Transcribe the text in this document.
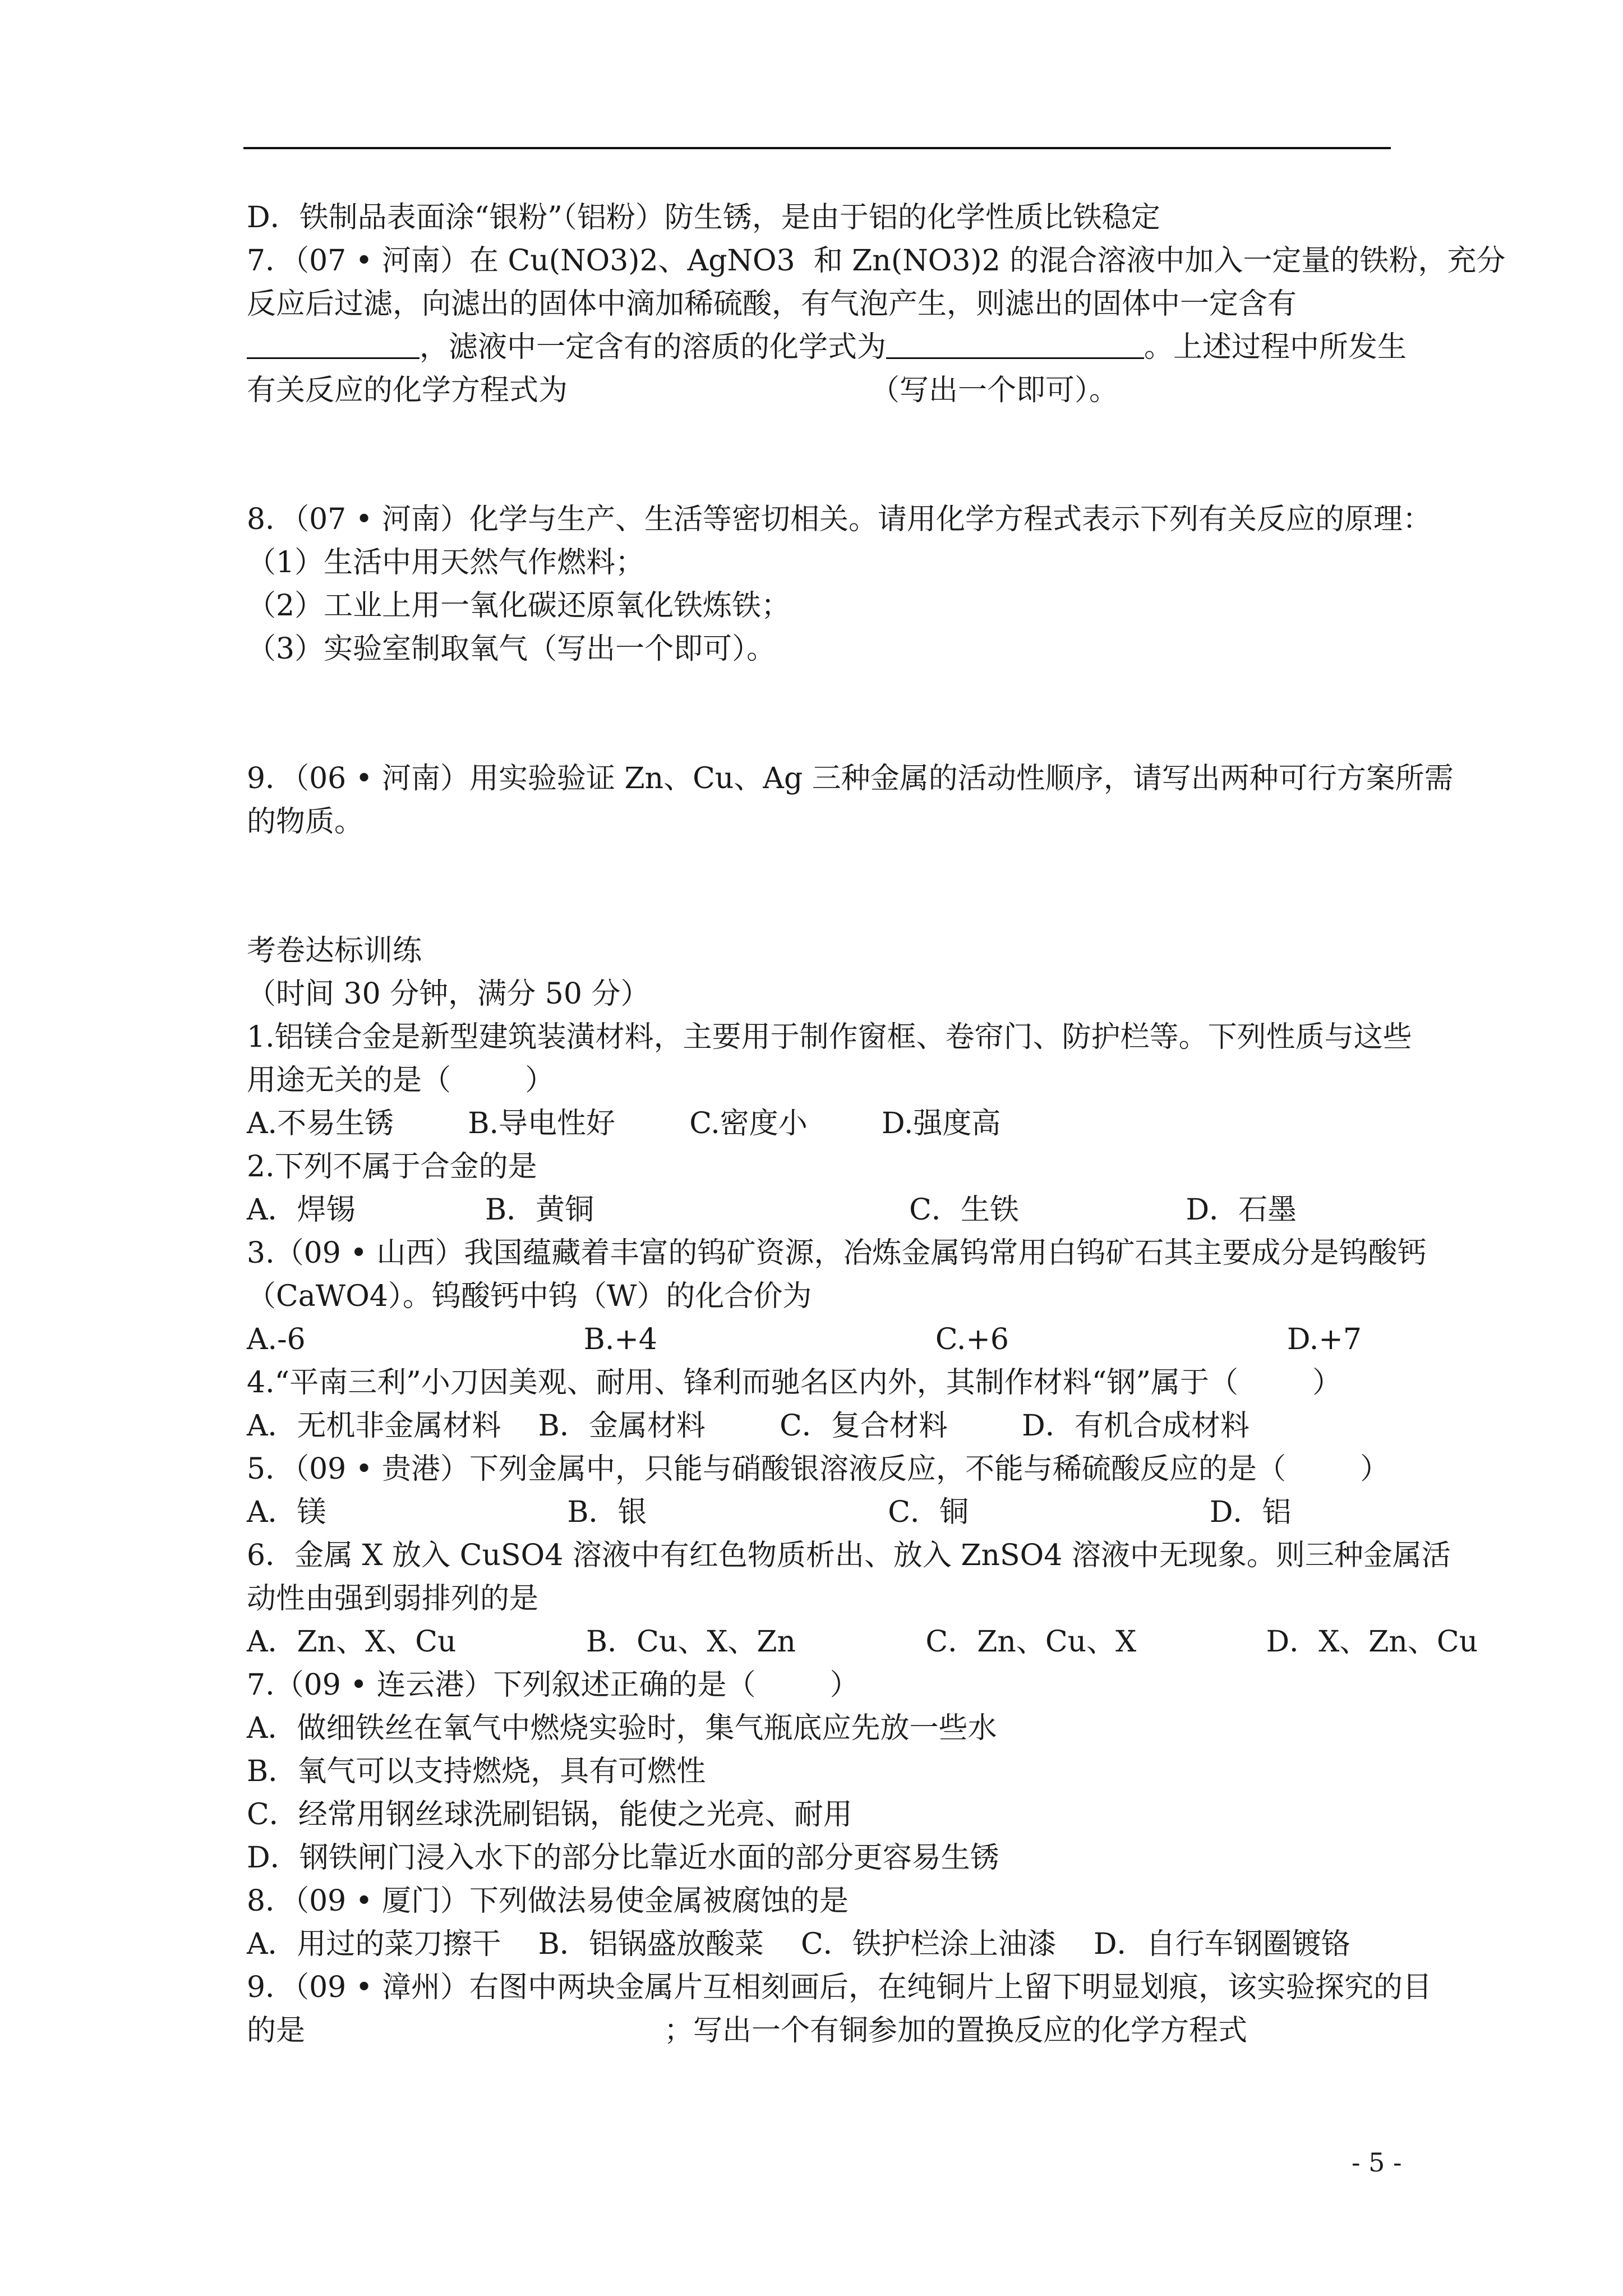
D．铁制品表面涂“银粉”（铝粉）防生锈，是由于铝的化学性质比铁稳定
7．（07 • 河南）在 Cu(NO3)2、AgNO3  和 Zn(NO3)2 的混合溶液中加入一定量的铁粉，充分
反应后过滤，向滤出的固体中滴加稀硫酸，有气泡产生，则滤出的固体中一定含有
，滤液中一定含有的溶质的化学式为	。上述过程中所发生
有关反应的化学方程式为	（写出一个即可）。
8．（07 • 河南）化学与生产、生活等密切相关。请用化学方程式表示下列有关反应的原理：
（1）生活中用天然气作燃料；
（2）工业上用一氧化碳还原氧化铁炼铁；
（3）实验室制取氧气（写出一个即可）。
9．（06 • 河南）用实验验证 Zn、Cu、Ag 三种金属的活动性顺序，请写出两种可行方案所需
的物质。
考卷达标训练
（时间 30 分钟，满分 50 分）
1.铝镁合金是新型建筑装潢材料，主要用于制作窗框、卷帘门、防护栏等。下列性质与这些
用途无关的是（        ）
A.不易生锈        B.导电性好        C.密度小        D.强度高
2.下列不属于合金的是
A．焊锡              B．黄铜                                  C．生铁                  D．石墨
3.（09 • 山西）我国蕴藏着丰富的钨矿资源，冶炼金属钨常用白钨矿石其主要成分是钨酸钙
（CaWO4）。钨酸钙中钨（W）的化合价为
A.-6                              B.+4                              C.+6                              D.+7
4.“平南三利”小刀因美观、耐用、锋利而驰名区内外，其制作材料“钢”属于（        ）
A．无机非金属材料    B．金属材料        C．复合材料        D．有机合成材料
5．（09 • 贵港）下列金属中，只能与硝酸银溶液反应，不能与稀硫酸反应的是（        ）
A．镁                          B．银                          C．铜                          D．铝
6．金属 X 放入 CuSO4 溶液中有红色物质析出、放入 ZnSO4 溶液中无现象。则三种金属活
动性由强到弱排列的是
A．Zn、X、Cu              B．Cu、X、Zn              C．Zn、Cu、X              D．X、Zn、Cu
7.（09 • 连云港）下列叙述正确的是（        ）
A．做细铁丝在氧气中燃烧实验时，集气瓶底应先放一些水
B．氧气可以支持燃烧，具有可燃性
C．经常用钢丝球洗刷铝锅，能使之光亮、耐用
D．钢铁闸门浸入水下的部分比靠近水面的部分更容易生锈
8．（09 • 厦门）下列做法易使金属被腐蚀的是
A．用过的菜刀擦干    B．铝锅盛放酸菜    C．铁护栏涂上油漆    D．自行车钢圈镀铬
9．（09 • 漳州）右图中两块金属片互相刻画后，在纯铜片上留下明显划痕，该实验探究的目
的是	；写出一个有铜参加的置换反应的化学方程式
- 5 -
